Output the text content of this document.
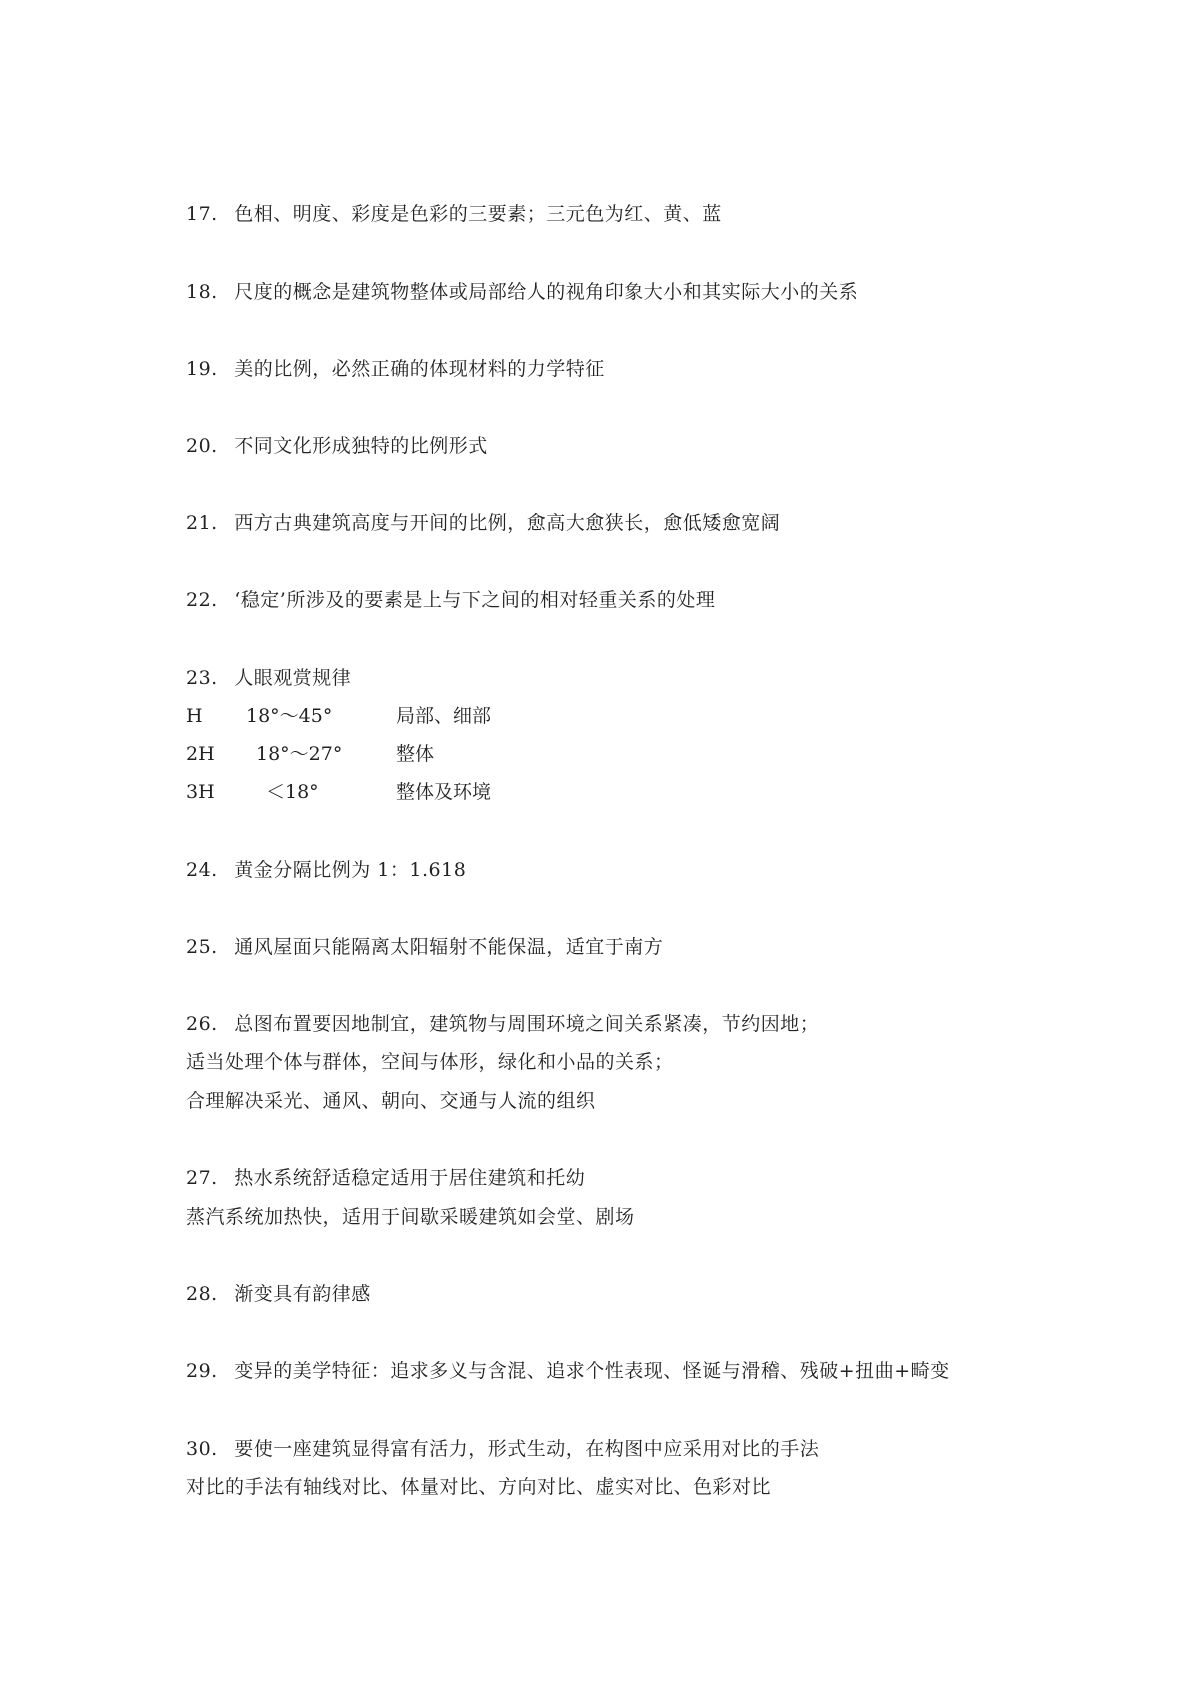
17. 色相、明度、彩度是色彩的三要素；三元色为红、黄、蓝
18. 尺度的概念是建筑物整体或局部给人的视角印象大小和其实际大小的关系
19. 美的比例，必然正确的体现材料的力学特征
20. 不同文化形成独特的比例形式
21. 西方古典建筑高度与开间的比例，愈高大愈狭长，愈低矮愈宽阔
22. ‘稳定’所涉及的要素是上与下之间的相对轻重关系的处理
23. 人眼观赏规律
H 18°～45°	局部、细部
2H 18°～27°	整体
3H	＜18°	整体及环境
24. 黄金分隔比例为 1：1.618
25. 通风屋面只能隔离太阳辐射不能保温，适宜于南方
26. 总图布置要因地制宜，建筑物与周围环境之间关系紧凑，节约因地；
适当处理个体与群体，空间与体形，绿化和小品的关系；
合理解决采光、通风、朝向、交通与人流的组织
27. 热水系统舒适稳定适用于居住建筑和托幼
蒸汽系统加热快，适用于间歇采暖建筑如会堂、剧场
28. 渐变具有韵律感
29. 变异的美学特征：追求多义与含混、追求个性表现、怪诞与滑稽、残破+扭曲+畸变
30. 要使一座建筑显得富有活力，形式生动，在构图中应采用对比的手法
对比的手法有轴线对比、体量对比、方向对比、虚实对比、色彩对比
